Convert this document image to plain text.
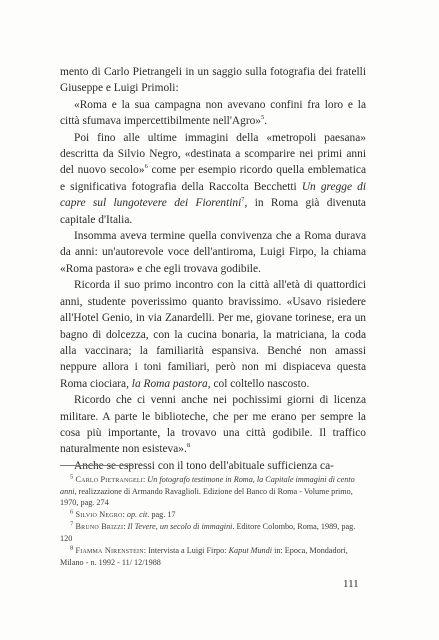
mento di Carlo Pietrangeli in un saggio sulla fotografia dei fratelli Giuseppe e Luigi Primoli:

«Roma e la sua campagna non avevano confini fra loro e la città sfumava impercettibilmente nell'Agro»$^5$.

Poi fino alle ultime immagini della «metropoli paesana» descritta da Silvio Negro, «destinata a scomparire nei primi anni del nuovo secolo»$^6$ come per esempio ricordo quella emblematica e significativa fotografia della Raccolta Becchetti Un gregge di capre sul lungotevere dei Fiorentini$^7$, in Roma già divenuta capitale d'Italia.

Insomma aveva termine quella convivenza che a Roma durava da anni: un'autorevole voce dell'antiroma, Luigi Firpo, la chiama «Roma pastora» e che egli trovava godibile.

Ricorda il suo primo incontro con la città all'età di quattordici anni, studente poverissimo quanto bravissimo. «Usavo risiedere all'Hotel Genio, in via Zanardelli. Per me, giovane torinese, era un bagno di dolcezza, con la cucina bonaria, la matriciana, la coda alla vaccinara; la familiarità espansiva. Benché non amassi neppure allora i toni familiari, però non mi dispiaceva questa Roma ciociara, la Roma pastora, col coltello nascosto.

Ricordo che ci venni anche nei pochissimi giorni di licenza militare. A parte le biblioteche, che per me erano per sempre la cosa più importante, la trovavo una città godibile. Il traffico naturalmente non esisteva».$^8$

Anche se espressi con il tono dell'abituale sufficienza ca-

$^5$ Carlo Pietrangeli: Un fotografo testimone in Roma, la Capitale immagini di cento anni, realizzazione di Armando Ravaglioli. Edizione del Banco di Roma - Volume primo, 1970, pag. 274

$^6$ Silvio Negro: op. cit. pag. 17

$^7$ Bruno Brizzi: Il Tevere, un secolo di immagini. Editore Colombo, Roma, 1989, pag. 120

$^8$ Fiamma Nirenstein: Intervista a Luigi Firpo: Kaput Mundi in: Epoca, Mondadori, Milano - n. 1992 - 11/ 12/1988

111
